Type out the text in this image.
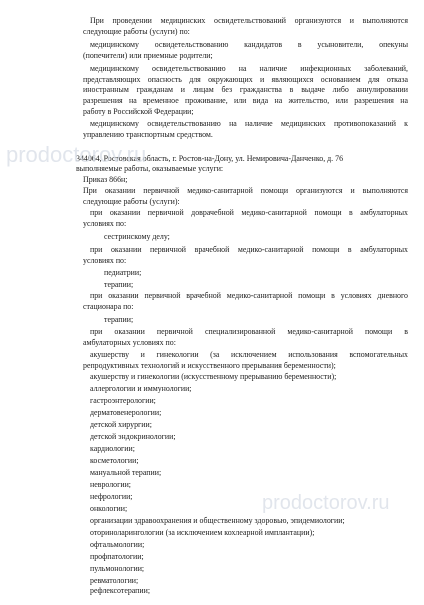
При проведении медицинских освидетельствований организуются и выполняются
следующие работы (услуги) по:
медицинскому освидетельствованию кандидатов в усыновители, опекуны
(попечители) или приемные родители;
медицинскому освидетельствованию на наличие инфекционных заболеваний,
представляющих опасность для окружающих и являющихся основанием для отказа
иностранным гражданам и лицам без гражданства в выдаче либо аннулировании
разрешения на временное проживание, или вида на жительство, или разрешения на
работу в Российской Федерации;
медицинскому освидетельствованию на наличие медицинских противопоказаний к
управлению транспортным средством.
344064, Ростовская область, г. Ростов-на-Дону, ул. Немировича-Данченко, д. 76
выполняемые работы, оказываемые услуги:
Приказ 866н;
При оказании первичной медико-санитарной помощи организуются и выполняются
следующие работы (услуги):
при оказании первичной доврачебной медико-санитарной помощи в амбулаторных
условиях по:
сестринскому делу;
при оказании первичной врачебной медико-санитарной помощи в амбулаторных
условиях по:
педиатрии;
терапии;
при оказании первичной врачебной медико-санитарной помощи в условиях дневного
стационара по:
терапии;
при оказании первичной специализированной медико-санитарной помощи в
амбулаторных условиях по:
акушерству и гинекологии (за исключением использования вспомогательных
репродуктивных технологий и искусственного прерывания беременности);
акушерству и гинекологии (искусственному прерыванию беременности);
аллергологии и иммунологии;
гастроэнтерологии;
дерматовенерологии;
детской хирургии;
детской эндокринологии;
кардиологии;
косметологии;
мануальной терапии;
неврологии;
нефрологии;
онкологии;
организации здравоохранения и общественному здоровью, эпидемиологии;
оториноларингологии (за исключением кохлеарной имплантации);
офтальмологии;
профпатологии;
пульмонологии;
ревматологии;
рефлексотерапии;
prodoctorov.ru
prodoctorov.ru
